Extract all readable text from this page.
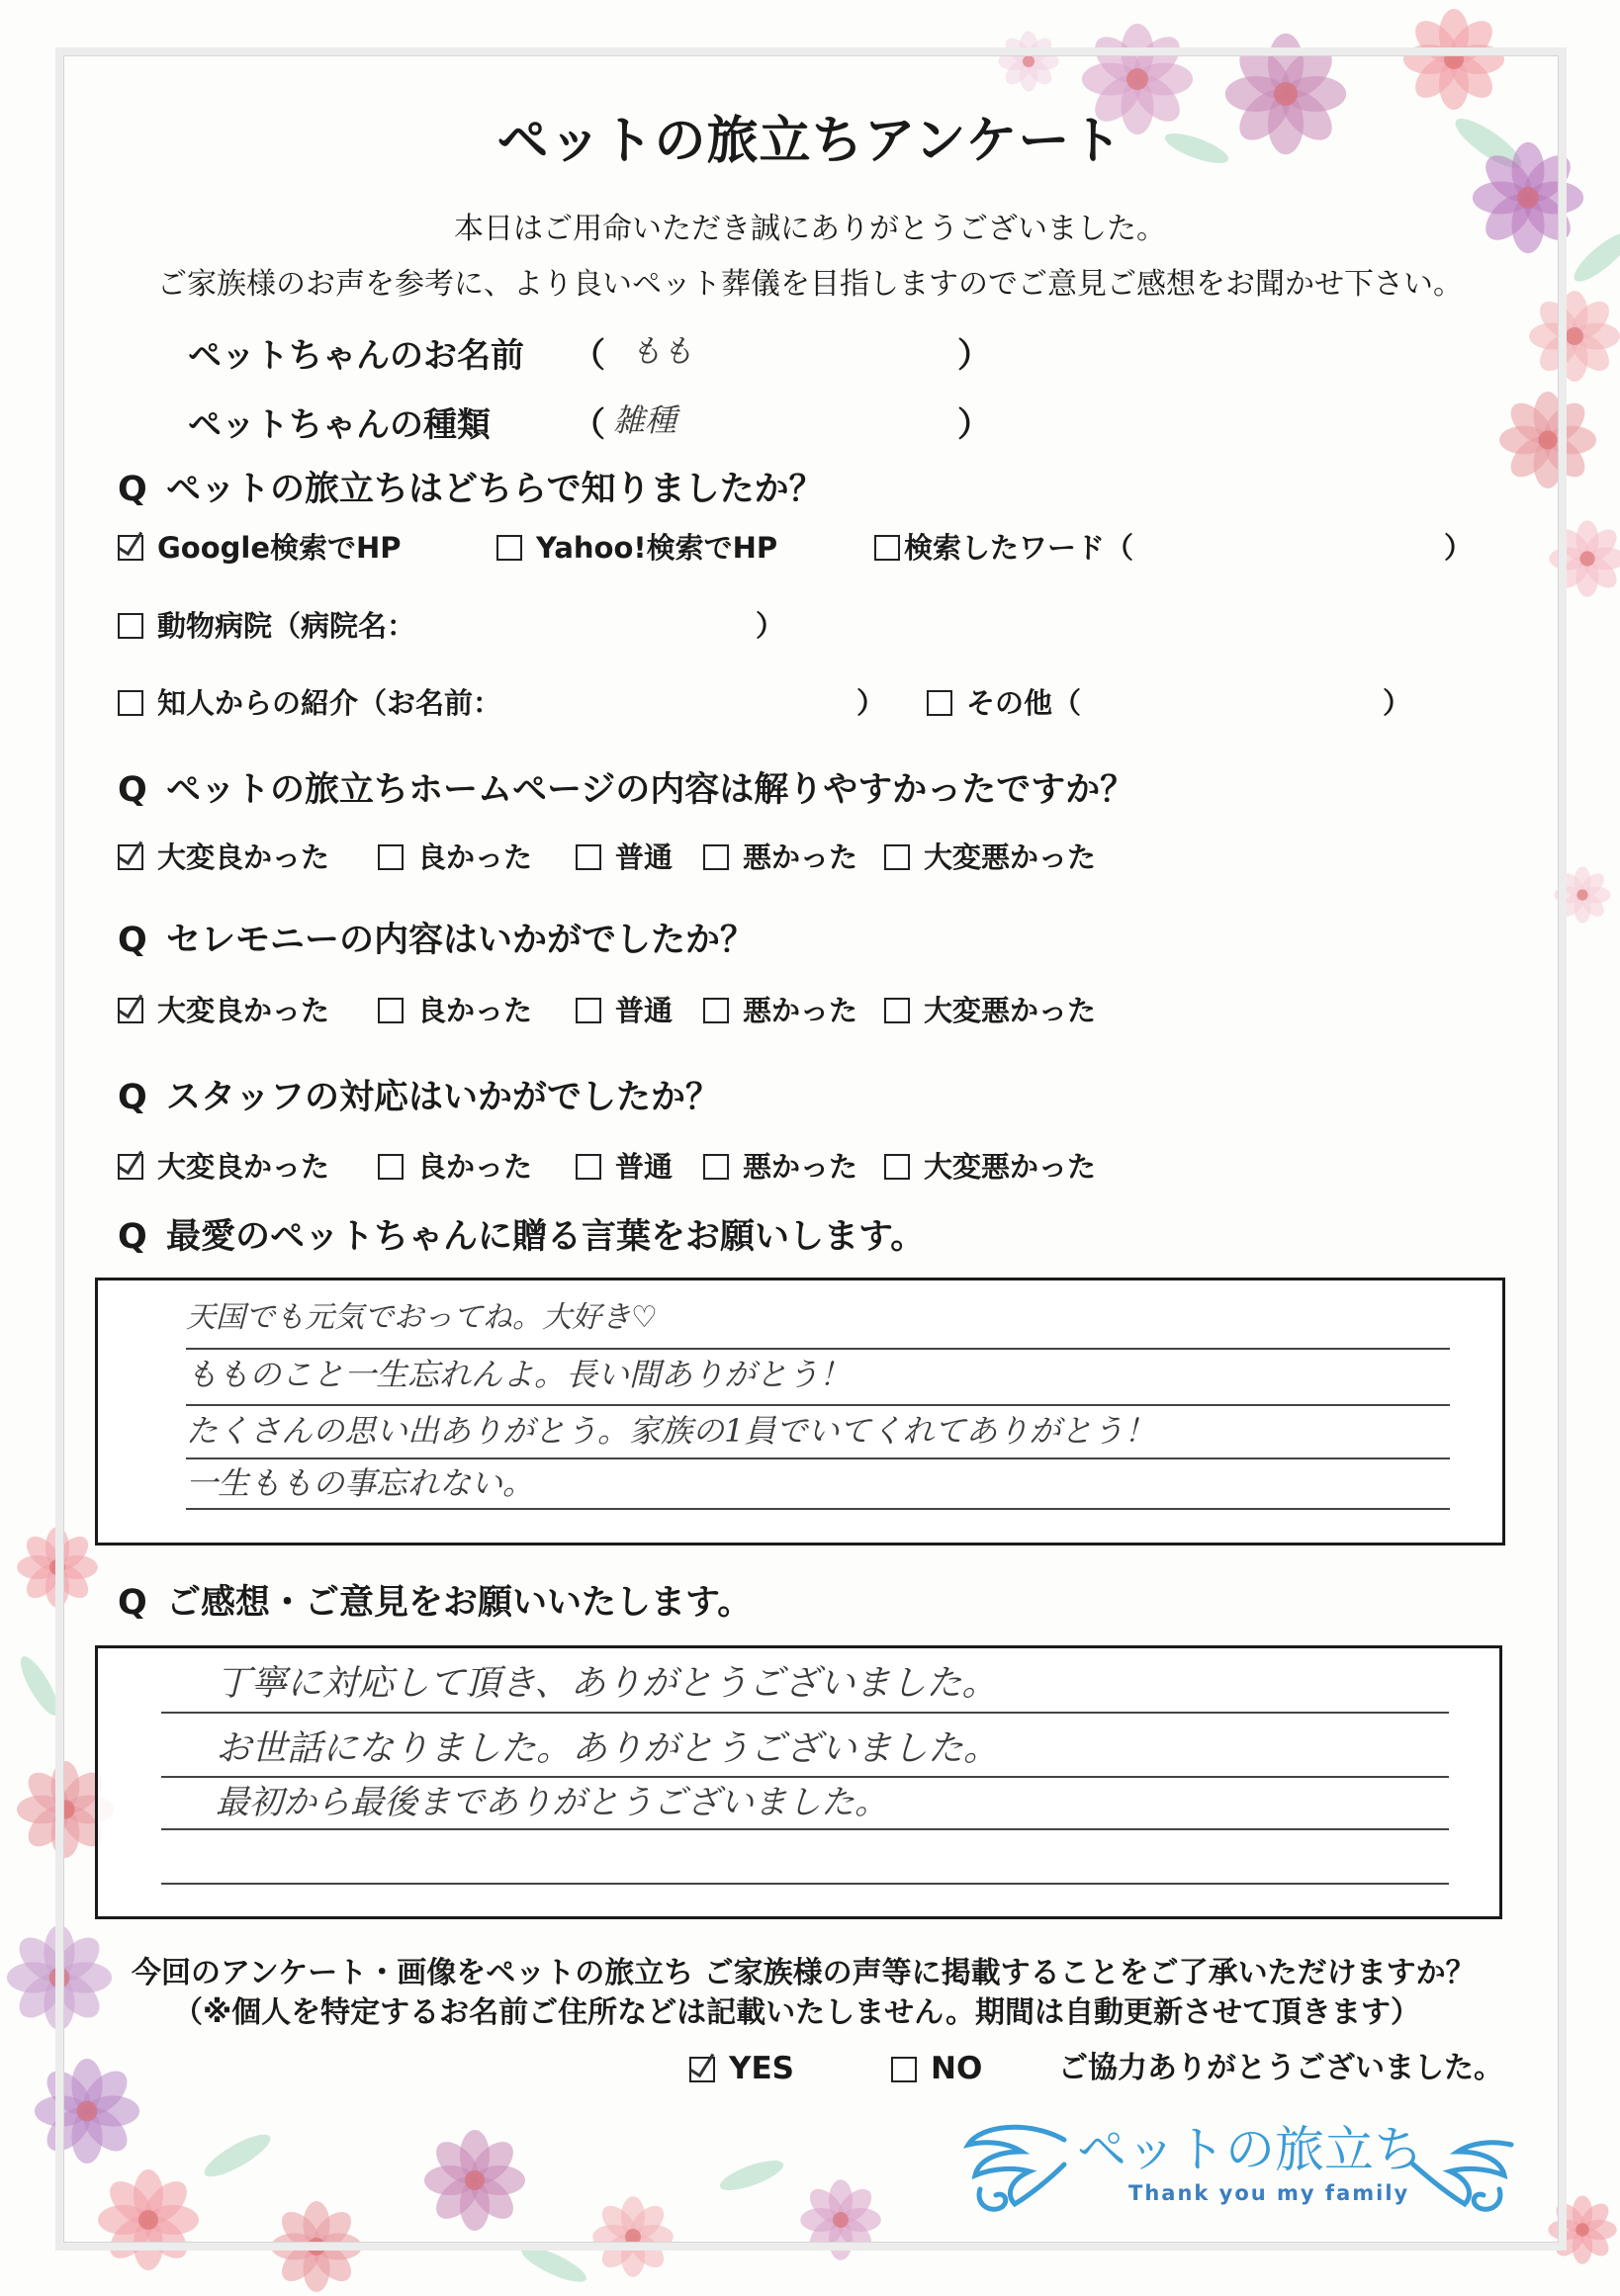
ペットの旅立ちアンケート
本日はご用命いただき誠にありがとうございました。
ご家族様のお声を参考に、より良いペット葬儀を目指しますのでご意見ご感想をお聞かせ下さい。
ペットちゃんのお名前 （ もも	）
ペットちゃんの種類 （ 雑種	）
Q ペットの旅立ちはどちらで知りましたか？
Google検索でHP	Yahoo!検索でHP	検索したワード（	）
動物病院（病院名：	）
知人からの紹介（お名前：	）	その他（	）
Q ペットの旅立ちホームページの内容は解りやすかったですか？
大変良かった	良かった	普通 悪かった 大変悪かった
Q セレモニーの内容はいかがでしたか？
大変良かった	良かった	普通 悪かった 大変悪かった
Q スタッフの対応はいかがでしたか？
大変良かった	良かった	普通 悪かった 大変悪かった
Q 最愛のペットちゃんに贈る言葉をお願いします。
天国でも元気でおってね。大好き♡
もものこと一生忘れんよ。長い間ありがとう！
たくさんの思い出ありがとう。家族の1員でいてくれてありがとう！
一生ももの事忘れない。
Q ご感想・ご意見をお願いいたします。
丁寧に対応して頂き、ありがとうございました。
お世話になりました。ありがとうございました。
最初から最後までありがとうございました。
今回のアンケート・画像をペットの旅立ち ご家族様の声等に掲載することをご了承いただけますか？
（※個人を特定するお名前ご住所などは記載いたしません。期間は自動更新させて頂きます）
YES	NO	ご協力ありがとうございました。
ペットの旅立ち
Thank you my family
